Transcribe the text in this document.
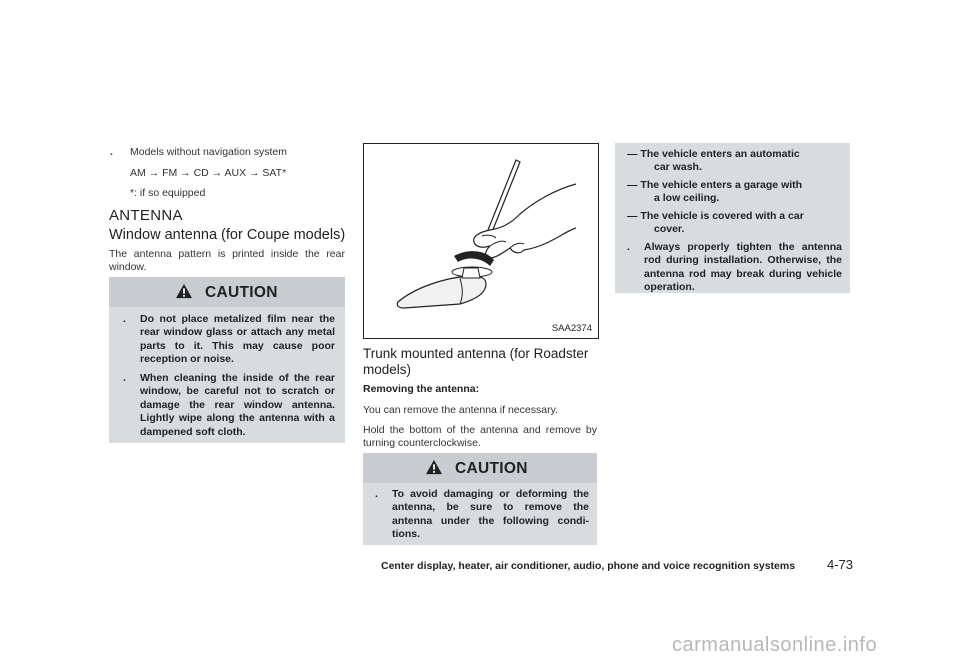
. Models without navigation system
AM → FM → CD → AUX → SAT*
*: if so equipped
ANTENNA
Window antenna (for Coupe models)
The antenna pattern is printed inside the rear window.
CAUTION
.	Do not place metalized film near the rear window glass or attach any metal parts to it. This may cause poor reception or noise.
.	When cleaning the inside of the rear window, be careful not to scratch or damage the rear window antenna. Lightly wipe along the antenna with a dampened soft cloth.
SAA2374
Trunk mounted antenna (for Roadster models)
Removing the antenna:
You can remove the antenna if necessary.
Hold the bottom of the antenna and remove by turning counterclockwise.
CAUTION
.	To avoid damaging or deforming the antenna, be sure to remove the antenna under the following condi-tions.
— The vehicle enters an automatic
car wash.
— The vehicle enters a garage with
a low ceiling.
— The vehicle is covered with a car
cover.
.	Always properly tighten the antenna rod during installation. Otherwise, the antenna rod may break during vehicle operation.
Center display, heater, air conditioner, audio, phone and voice recognition systems 4-73
carmanualsonline.info
